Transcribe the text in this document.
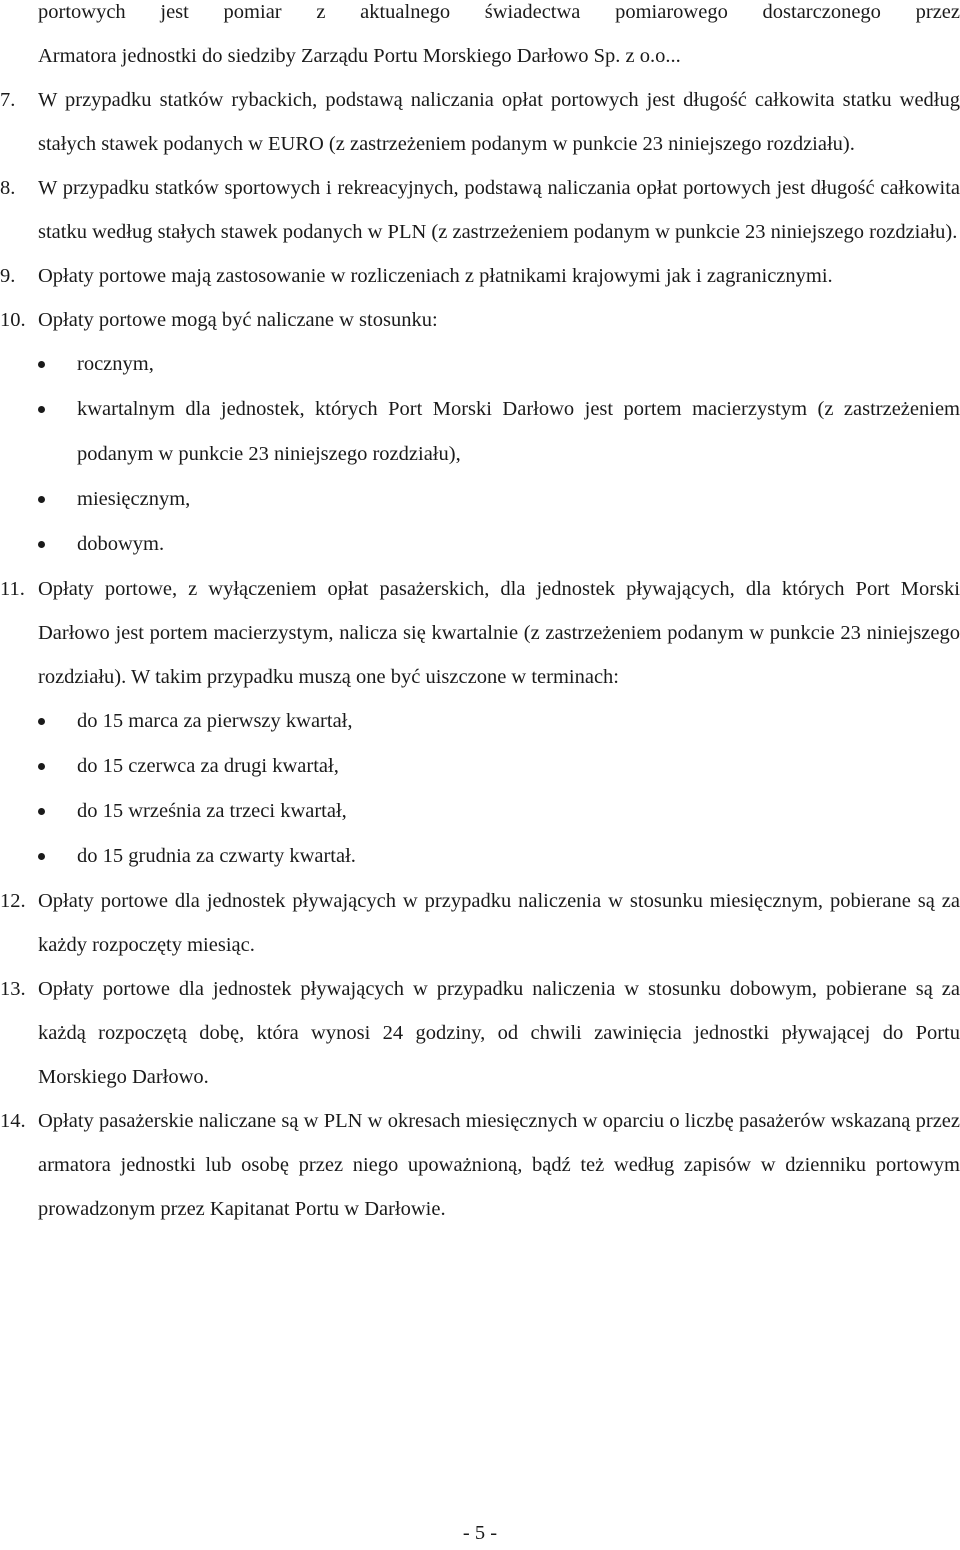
portowych jest pomiar z aktualnego świadectwa pomiarowego dostarczonego przez

Armatora jednostki do siedziby Zarządu Portu Morskiego Darłowo Sp. z o.o...

7. W przypadku statków rybackich, podstawą naliczania opłat portowych jest długość całkowita statku według stałych stawek podanych w EURO (z zastrzeżeniem podanym w punkcie 23 niniejszego rozdziału).
8. W przypadku statków sportowych i rekreacyjnych, podstawą naliczania opłat portowych jest długość całkowita statku według stałych stawek podanych w PLN (z zastrzeżeniem podanym w punkcie 23 niniejszego rozdziału).
9. Opłaty portowe mają zastosowanie w rozliczeniach z płatnikami krajowymi jak i zagranicznymi.
10. Opłaty portowe mogą być naliczane w stosunku:
rocznym,
kwartalnym dla jednostek, których Port Morski Darłowo jest portem macierzystym (z zastrzeżeniem podanym w punkcie 23 niniejszego rozdziału),
miesięcznym,
dobowym.
11. Opłaty portowe, z wyłączeniem opłat pasażerskich, dla jednostek pływających, dla których Port Morski Darłowo jest portem macierzystym, nalicza się kwartalnie (z zastrzeżeniem podanym w punkcie 23 niniejszego rozdziału). W takim przypadku muszą one być uiszczone w terminach:
do 15 marca za pierwszy kwartał,
do 15 czerwca za drugi kwartał,
do 15 września za trzeci kwartał,
do 15 grudnia za czwarty kwartał.
12. Opłaty portowe dla jednostek pływających w przypadku naliczenia w stosunku miesięcznym, pobierane są za każdy rozpoczęty miesiąc.
13. Opłaty portowe dla jednostek pływających w przypadku naliczenia w stosunku dobowym, pobierane są za każdą rozpoczętą dobę, która wynosi 24 godziny, od chwili zawinięcia jednostki pływającej do Portu Morskiego Darłowo.
14. Opłaty pasażerskie naliczane są w PLN w okresach miesięcznych w oparciu o liczbę pasażerów wskazaną przez armatora jednostki lub osobę przez niego upoważnioną, bądź też według zapisów w dzienniku portowym prowadzonym przez Kapitanat Portu w Darłowie.
- 5 -
